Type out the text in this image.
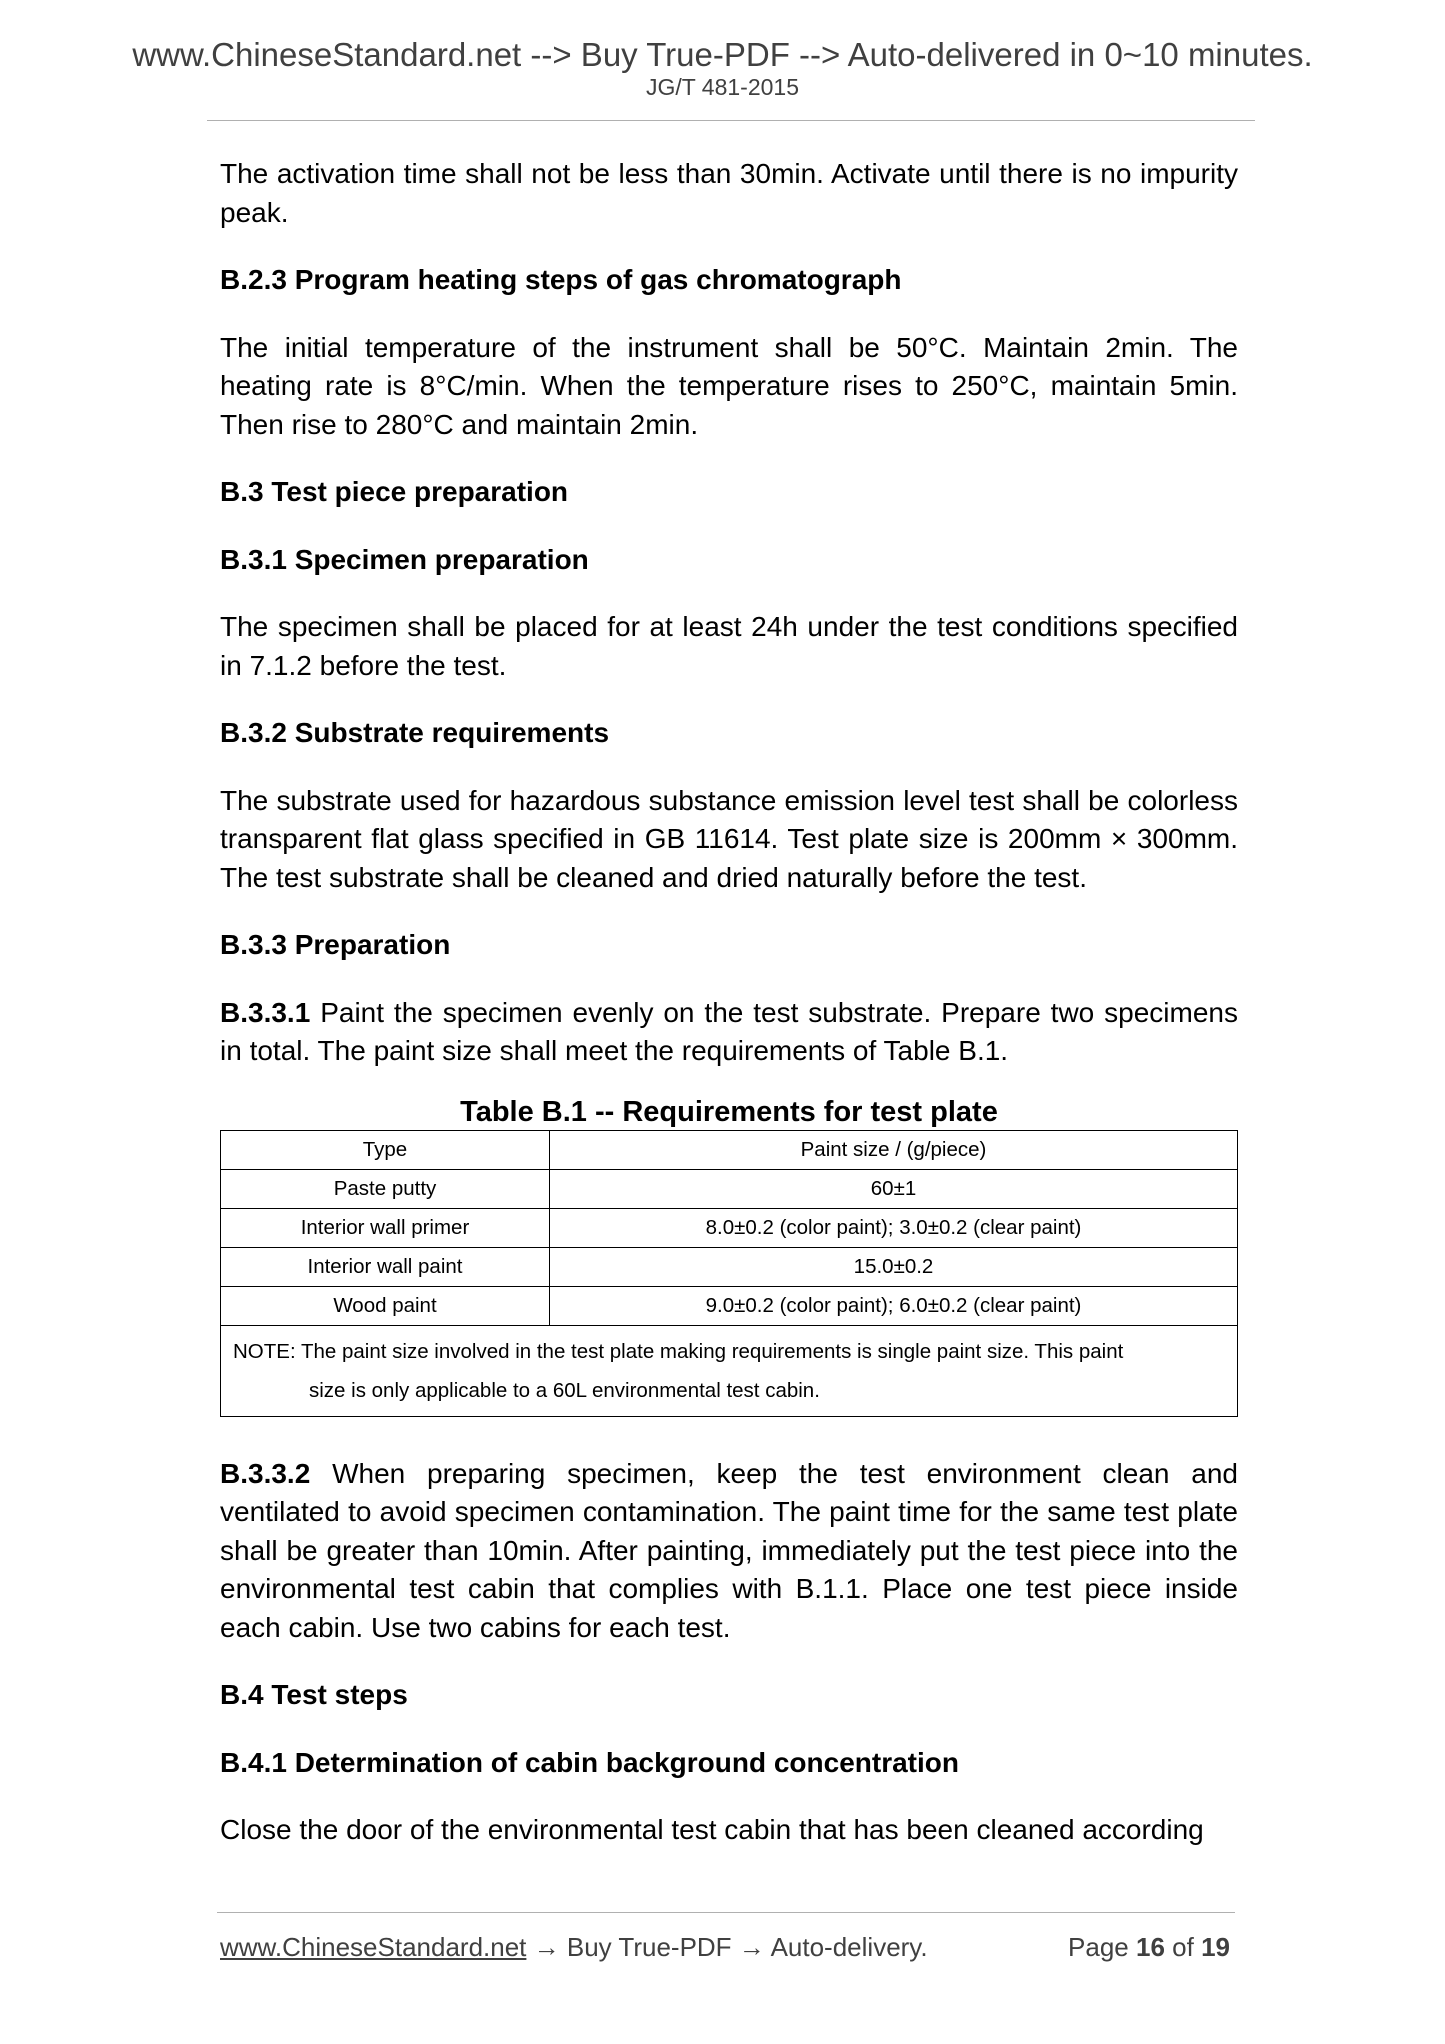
www.ChineseStandard.net --> Buy True-PDF --> Auto-delivered in 0~10 minutes.
JG/T 481-2015

The activation time shall not be less than 30min. Activate until there is no impurity peak.

B.2.3 Program heating steps of gas chromatograph

The initial temperature of the instrument shall be 50°C. Maintain 2min. The heating rate is 8°C/min. When the temperature rises to 250°C, maintain 5min. Then rise to 280°C and maintain 2min.

B.3 Test piece preparation

B.3.1 Specimen preparation

The specimen shall be placed for at least 24h under the test conditions specified in 7.1.2 before the test.

B.3.2 Substrate requirements

The substrate used for hazardous substance emission level test shall be colorless transparent flat glass specified in GB 11614. Test plate size is 200mm × 300mm. The test substrate shall be cleaned and dried naturally before the test.

B.3.3 Preparation

B.3.3.1 Paint the specimen evenly on the test substrate. Prepare two specimens in total. The paint size shall meet the requirements of Table B.1.

Table B.1 -- Requirements for test plate
Type	Paint size / (g/piece)
Paste putty	60±1
Interior wall primer	8.0±0.2 (color paint); 3.0±0.2 (clear paint)
Interior wall paint	15.0±0.2
Wood paint	9.0±0.2 (color paint); 6.0±0.2 (clear paint)
NOTE: The paint size involved in the test plate making requirements is single paint size. This paint
size is only applicable to a 60L environmental test cabin.	

B.3.3.2 When preparing specimen, keep the test environment clean and ventilated to avoid specimen contamination. The paint time for the same test plate shall be greater than 10min. After painting, immediately put the test piece into the environmental test cabin that complies with B.1.1. Place one test piece inside each cabin. Use two cabins for each test.

B.4 Test steps

B.4.1 Determination of cabin background concentration

Close the door of the environmental test cabin that has been cleaned according

www.ChineseStandard.net → Buy True-PDF → Auto-delivery.	Page 16 of 19
